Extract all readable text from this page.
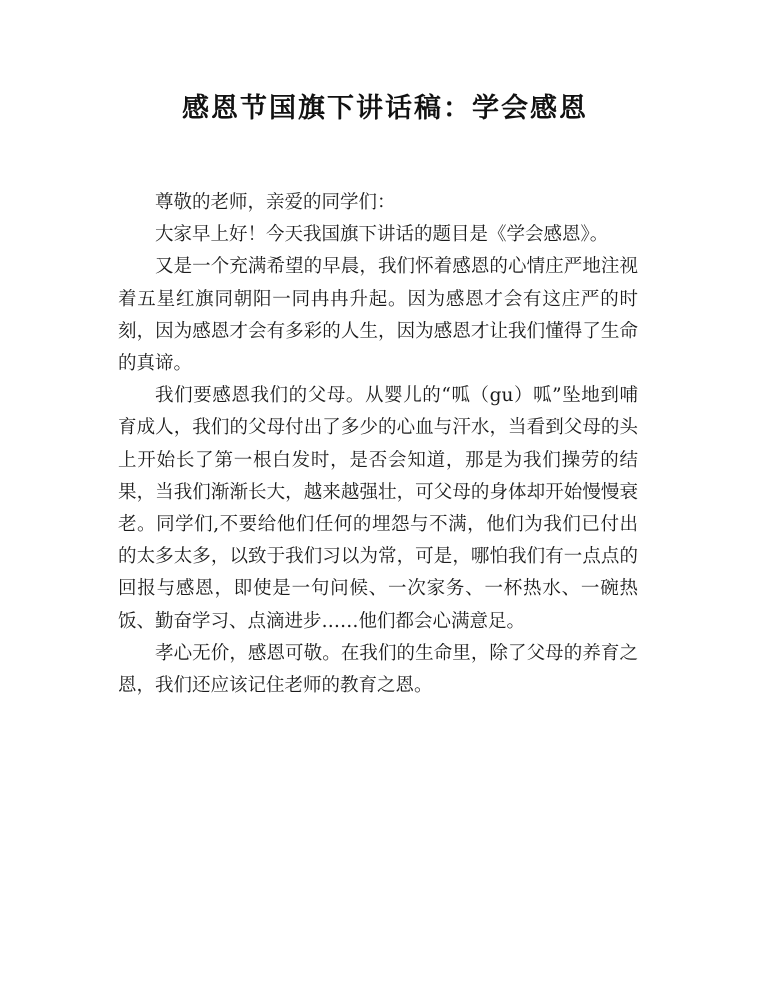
感恩节国旗下讲话稿：学会感恩

尊敬的老师，亲爱的同学们：

大家早上好！今天我国旗下讲话的题目是《学会感恩》。

又是一个充满希望的早晨，我们怀着感恩的心情庄严地注视着五星红旗同朝阳一同冉冉升起。因为感恩才会有这庄严的时刻，因为感恩才会有多彩的人生，因为感恩才让我们懂得了生命的真谛。

我们要感恩我们的父母。从婴儿的“呱（gu）呱”坠地到哺育成人，我们的父母付出了多少的心血与汗水，当看到父母的头上开始长了第一根白发时，是否会知道，那是为我们操劳的结果，当我们渐渐长大，越来越强壮，可父母的身体却开始慢慢衰老。同学们,不要给他们任何的埋怨与不满，他们为我们已付出的太多太多，以致于我们习以为常，可是，哪怕我们有一点点的回报与感恩，即使是一句问候、一次家务、一杯热水、一碗热饭、勤奋学习、点滴进步……他们都会心满意足。

孝心无价，感恩可敬。在我们的生命里，除了父母的养育之恩，我们还应该记住老师的教育之恩。
